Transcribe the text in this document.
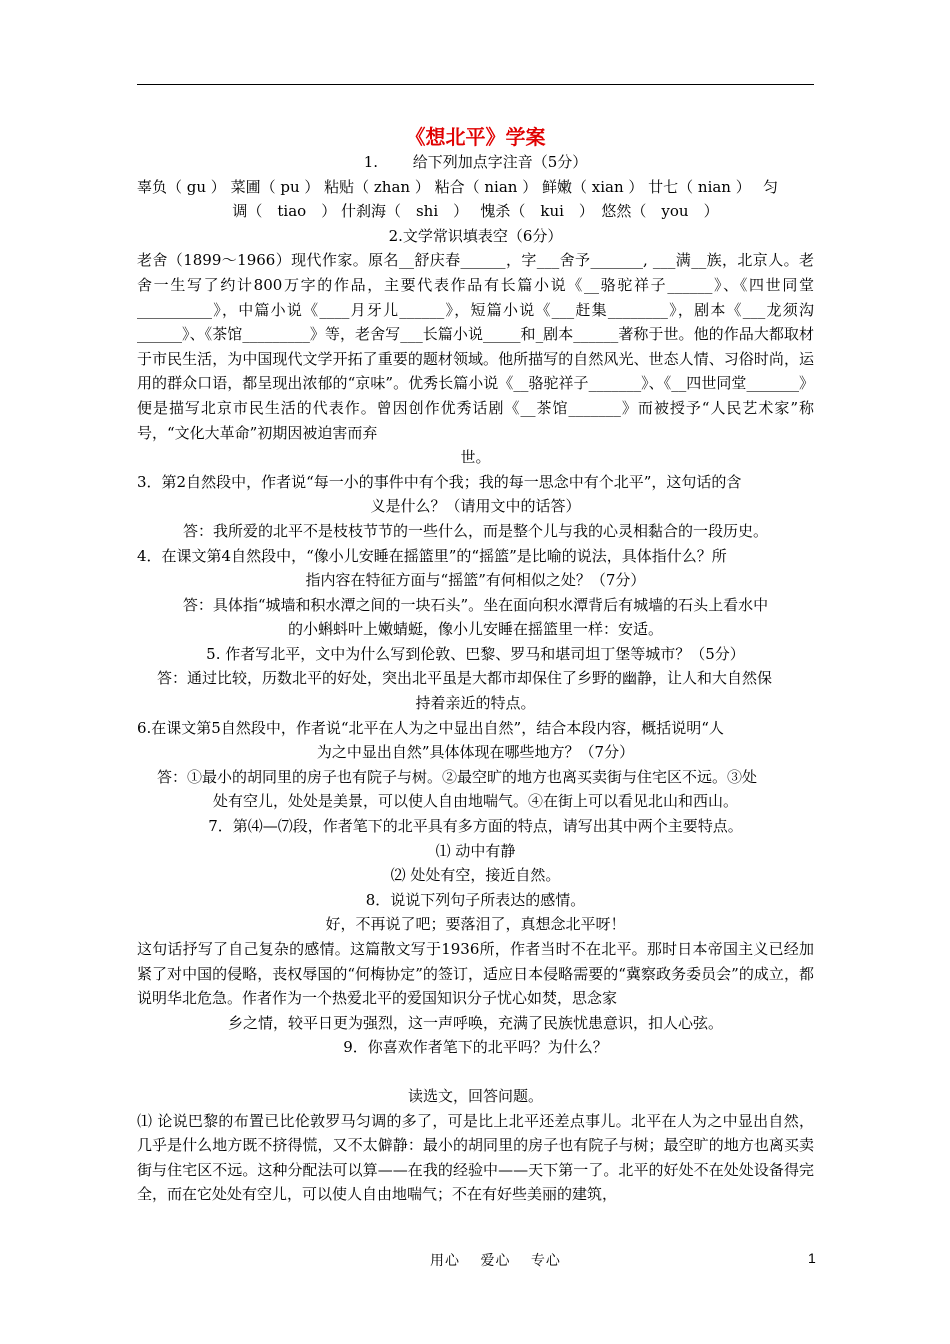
《想北平》学案
1.　　 给下列加点字注音（5分）
辜负（ gu ） 菜圃（ pu ） 粘贴（ zhan ） 粘合（ nian ） 鲜嫩（ xian ） 廿七（ nian ）　 匀
调（　tiao　） 什刹海（　shi　）　 愧杀（　kui　）　悠然（　you　）
2.文学常识填表空（6分）
老舍（1899～1966）现代作家。原名__舒庆春______，字___舍予_______, ___满__族，北京人。老舍一生写了约计800万字的作品，主要代表作品有长篇小说《__骆驼祥子______》、《四世同堂__________》，中篇小说《____月牙儿______》，短篇小说《___赶集________》，剧本《___龙须沟______》、《茶馆_________》等，老舍写___长篇小说_____和_剧本______著称于世。他的作品大都取材于市民生活，为中国现代文学开拓了重要的题材领域。他所描写的自然风光、世态人情、习俗时尚，运用的群众口语，都呈现出浓郁的“京味”。优秀长篇小说《__骆驼祥子_______》、《__四世同堂_______》便是描写北京市民生活的代表作。曾因创作优秀话剧《__茶馆_______》而被授予“人民艺术家”称号，“文化大革命”初期因被迫害而弃
世。
3．第2自然段中，作者说“每一小的事件中有个我；我的每一思念中有个北平”，这句话的含
义是什么？（请用文中的话答）
答：我所爱的北平不是枝枝节节的一些什么，而是整个儿与我的心灵相黏合的一段历史。
4．在课文第4自然段中，“像小儿安睡在摇篮里”的“摇篮”是比喻的说法，具体指什么？所
指内容在特征方面与“摇篮”有何相似之处？（7分）
答：具体指“城墙和积水潭之间的一块石头”。坐在面向积水潭背后有城墙的石头上看水中
的小蝌蚪叶上嫩蜻蜓，像小儿安睡在摇篮里一样：安适。
5. 作者写北平，文中为什么写到伦敦、巴黎、罗马和堪司坦丁堡等城市？（5分）
答：通过比较，历数北平的好处，突出北平虽是大都市却保住了乡野的幽静，让人和大自然保
持着亲近的特点。
6.在课文第5自然段中，作者说“北平在人为之中显出自然”，结合本段内容，概括说明“人
为之中显出自然”具体体现在哪些地方？（7分）
答：①最小的胡同里的房子也有院子与树。②最空旷的地方也离买卖街与住宅区不远。③处
处有空儿，处处是美景，可以使人自由地喘气。④在街上可以看见北山和西山。
7．第⑷—⑺段，作者笔下的北平具有多方面的特点，请写出其中两个主要特点。
⑴ 动中有静
⑵ 处处有空，接近自然。
8．说说下列句子所表达的感情。
好，不再说了吧；要落泪了，真想念北平呀！
这句话抒写了自己复杂的感情。这篇散文写于1936所，作者当时不在北平。那时日本帝国主义已经加紧了对中国的侵略，丧权辱国的“何梅协定”的签订，适应日本侵略需要的“冀察政务委员会”的成立，都说明华北危急。作者作为一个热爱北平的爱国知识分子忧心如焚，思念家
乡之情，较平日更为强烈，这一声呼唤，充满了民族忧患意识，扣人心弦。
9．你喜欢作者笔下的北平吗？为什么？
读选文，回答问题。
⑴ 论说巴黎的布置已比伦敦罗马匀调的多了，可是比上北平还差点事儿。北平在人为之中显出自然，几乎是什么地方既不挤得慌，又不太僻静：最小的胡同里的房子也有院子与树；最空旷的地方也离买卖街与住宅区不远。这种分配法可以算——在我的经验中——天下第一了。北平的好处不在处处设备得完全，而在它处处有空儿，可以使人自由地喘气；不在有好些美丽的建筑，
用心　 爱心　 专心	1
